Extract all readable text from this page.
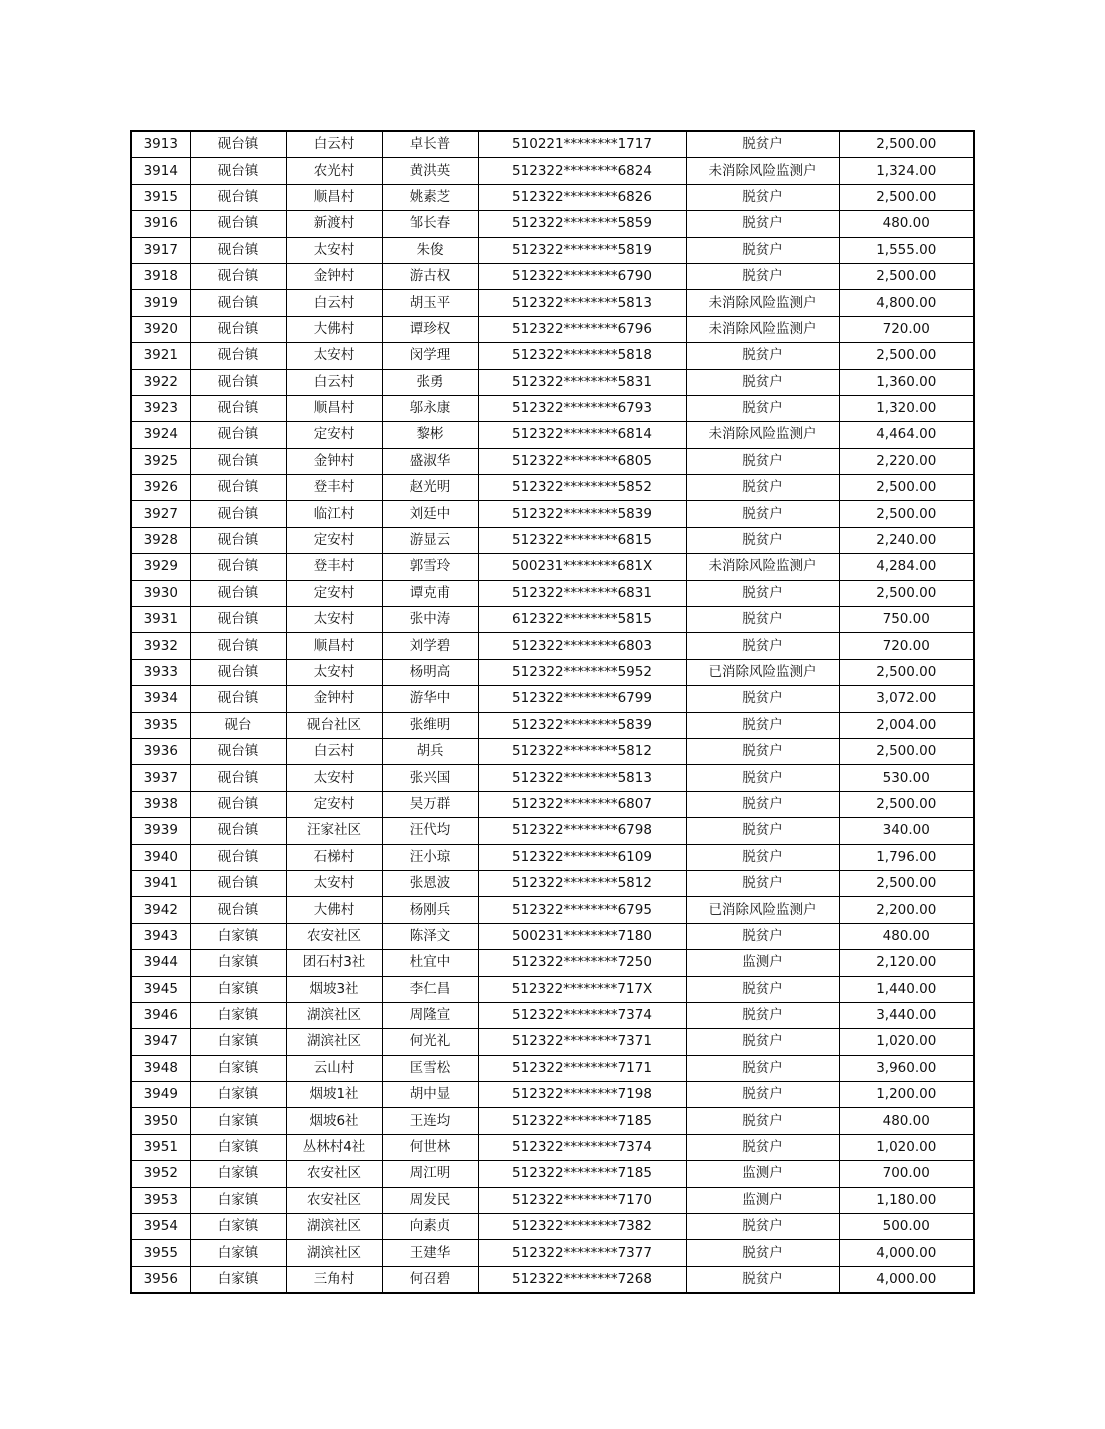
3913	砚台镇	白云村	卓长普	510221********1717	脱贫户	2,500.00
3914	砚台镇	农光村	黄洪英	512322********6824	未消除风险监测户	1,324.00
3915	砚台镇	顺昌村	姚素芝	512322********6826	脱贫户	2,500.00
3916	砚台镇	新渡村	邹长春	512322********5859	脱贫户	480.00
3917	砚台镇	太安村	朱俊	512322********5819	脱贫户	1,555.00
3918	砚台镇	金钟村	游古权	512322********6790	脱贫户	2,500.00
3919	砚台镇	白云村	胡玉平	512322********5813	未消除风险监测户	4,800.00
3920	砚台镇	大佛村	谭珍权	512322********6796	未消除风险监测户	720.00
3921	砚台镇	太安村	闵学理	512322********5818	脱贫户	2,500.00
3922	砚台镇	白云村	张勇	512322********5831	脱贫户	1,360.00
3923	砚台镇	顺昌村	邬永康	512322********6793	脱贫户	1,320.00
3924	砚台镇	定安村	黎彬	512322********6814	未消除风险监测户	4,464.00
3925	砚台镇	金钟村	盛淑华	512322********6805	脱贫户	2,220.00
3926	砚台镇	登丰村	赵光明	512322********5852	脱贫户	2,500.00
3927	砚台镇	临江村	刘廷中	512322********5839	脱贫户	2,500.00
3928	砚台镇	定安村	游显云	512322********6815	脱贫户	2,240.00
3929	砚台镇	登丰村	郭雪玲	500231********681X	未消除风险监测户	4,284.00
3930	砚台镇	定安村	谭克甫	512322********6831	脱贫户	2,500.00
3931	砚台镇	太安村	张中涛	612322********5815	脱贫户	750.00
3932	砚台镇	顺昌村	刘学碧	512322********6803	脱贫户	720.00
3933	砚台镇	太安村	杨明高	512322********5952	已消除风险监测户	2,500.00
3934	砚台镇	金钟村	游华中	512322********6799	脱贫户	3,072.00
3935	砚台	砚台社区	张维明	512322********5839	脱贫户	2,004.00
3936	砚台镇	白云村	胡兵	512322********5812	脱贫户	2,500.00
3937	砚台镇	太安村	张兴国	512322********5813	脱贫户	530.00
3938	砚台镇	定安村	吴万群	512322********6807	脱贫户	2,500.00
3939	砚台镇	汪家社区	汪代均	512322********6798	脱贫户	340.00
3940	砚台镇	石梯村	汪小琼	512322********6109	脱贫户	1,796.00
3941	砚台镇	太安村	张恩波	512322********5812	脱贫户	2,500.00
3942	砚台镇	大佛村	杨刚兵	512322********6795	已消除风险监测户	2,200.00
3943	白家镇	农安社区	陈泽文	500231********7180	脱贫户	480.00
3944	白家镇	团石村3社	杜宜中	512322********7250	监测户	2,120.00
3945	白家镇	烟坡3社	李仁昌	512322********717X	脱贫户	1,440.00
3946	白家镇	湖滨社区	周隆宣	512322********7374	脱贫户	3,440.00
3947	白家镇	湖滨社区	何光礼	512322********7371	脱贫户	1,020.00
3948	白家镇	云山村	匡雪松	512322********7171	脱贫户	3,960.00
3949	白家镇	烟坡1社	胡中显	512322********7198	脱贫户	1,200.00
3950	白家镇	烟坡6社	王连均	512322********7185	脱贫户	480.00
3951	白家镇	丛林村4社	何世林	512322********7374	脱贫户	1,020.00
3952	白家镇	农安社区	周江明	512322********7185	监测户	700.00
3953	白家镇	农安社区	周发民	512322********7170	监测户	1,180.00
3954	白家镇	湖滨社区	向素贞	512322********7382	脱贫户	500.00
3955	白家镇	湖滨社区	王建华	512322********7377	脱贫户	4,000.00
3956	白家镇	三角村	何召碧	512322********7268	脱贫户	4,000.00
